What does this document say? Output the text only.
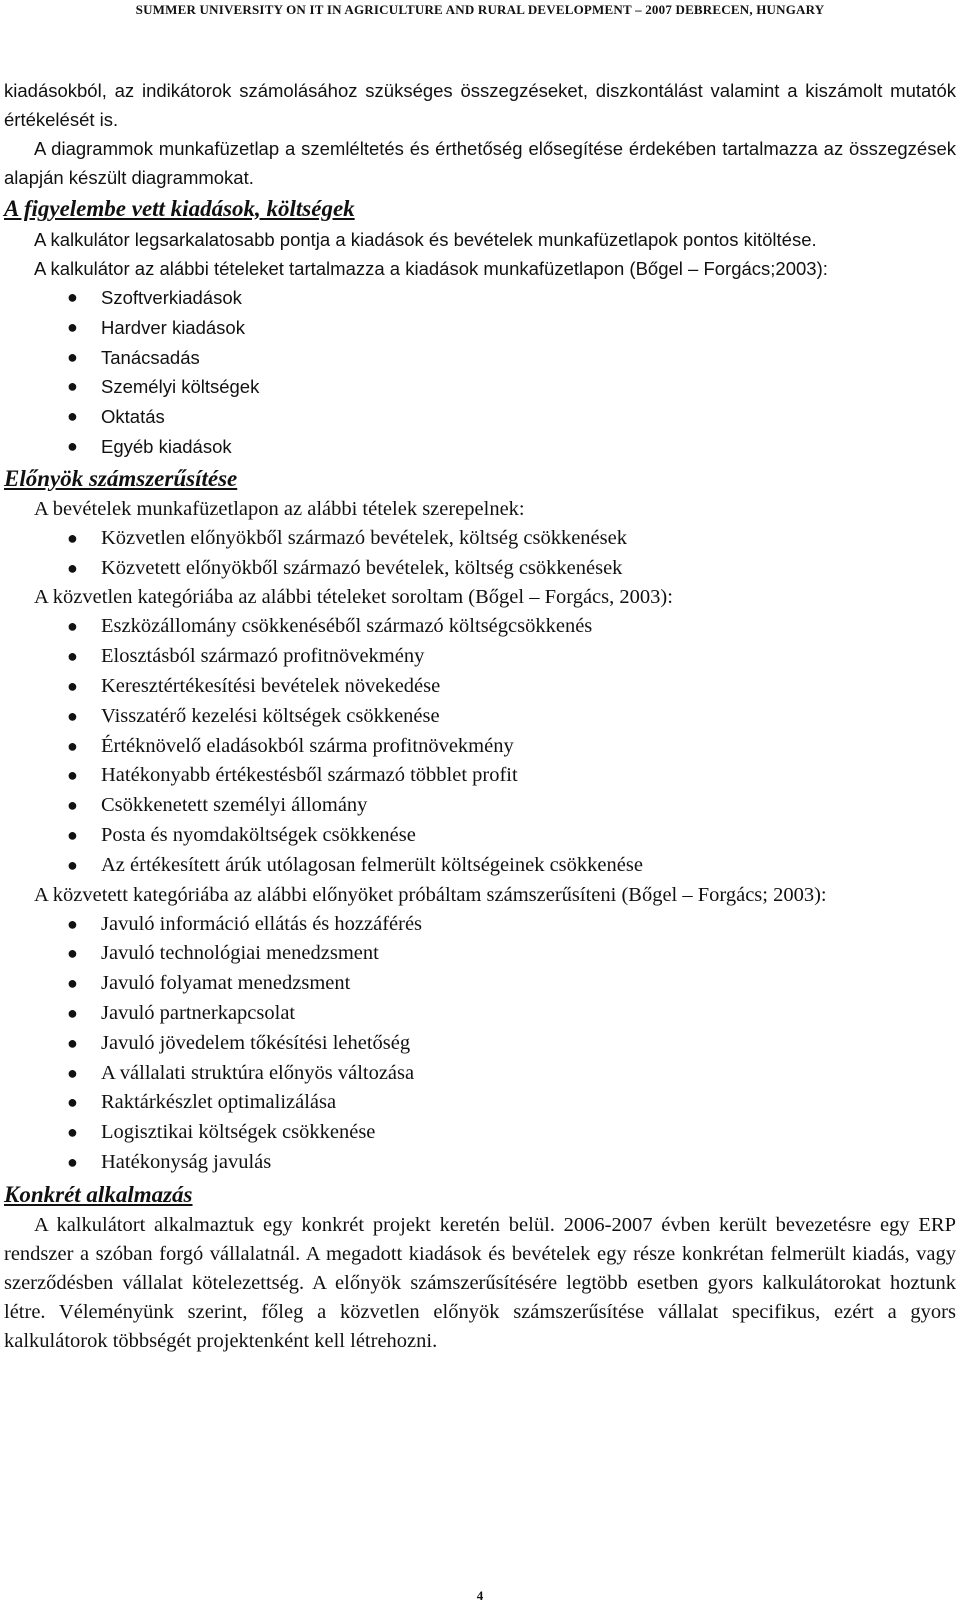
SUMMER UNIVERSITY ON IT IN AGRICULTURE AND RURAL DEVELOPMENT – 2007 DEBRECEN, HUNGARY

kiadásokból, az indikátorok számolásához szükséges összegzéseket, diszkontálást valamint a kiszámolt mutatók értékelését is.

A diagrammok munkafüzetlap a szemléltetés és érthetőség elősegítése érdekében tartalmazza az összegzések alapján készült diagrammokat.

A figyelembe vett kiadások, költségek

A kalkulátor legsarkalatosabb pontja a kiadások és bevételek munkafüzetlapok pontos kitöltése.

A kalkulátor az alábbi tételeket tartalmazza a kiadások munkafüzetlapon (Bőgel – Forgács;2003):

● Szoftverkiadások
● Hardver kiadások
● Tanácsadás
● Személyi költségek
● Oktatás
● Egyéb kiadások
Előnyök számszerűsítése

A bevételek munkafüzetlapon az alábbi tételek szerepelnek:

● Közvetlen előnyökből származó bevételek, költség csökkenések
● Közvetett előnyökből származó bevételek, költség csökkenések

A közvetlen kategóriába az alábbi tételeket soroltam (Bőgel – Forgács, 2003):

● Eszközállomány csökkenéséből származó költségcsökkenés
● Elosztásból származó profitnövekmény
● Keresztértékesítési bevételek növekedése
● Visszatérő kezelési költségek csökkenése
● Értéknövelő eladásokból szárma profitnövekmény
● Hatékonyabb értékestésből származó többlet profit
● Csökkenetett személyi állomány
● Posta és nyomdaköltségek csökkenése
● Az értékesített árúk utólagosan felmerült költségeinek csökkenése

A közvetett kategóriába az alábbi előnyöket próbáltam számszerűsíteni (Bőgel – Forgács; 2003):

● Javuló információ ellátás és hozzáférés
● Javuló technológiai menedzsment
● Javuló folyamat menedzsment
● Javuló partnerkapcsolat
● Javuló jövedelem tőkésítési lehetőség
● A vállalati struktúra előnyös változása
● Raktárkészlet optimalizálása
● Logisztikai költségek csökkenése
● Hatékonyság javulás
Konkrét alkalmazás

A kalkulátort alkalmaztuk egy konkrét projekt keretén belül. 2006-2007 évben került bevezetésre egy ERP rendszer a szóban forgó vállalatnál. A megadott kiadások és bevételek egy része konkrétan felmerült kiadás, vagy szerződésben vállalat kötelezettség. A előnyök számszerűsítésére legtöbb esetben gyors kalkulátorokat hoztunk létre. Véleményünk szerint, főleg a közvetlen előnyök számszerűsítése vállalat specifikus, ezért a gyors kalkulátorok többségét projektenként kell létrehozni.

4
